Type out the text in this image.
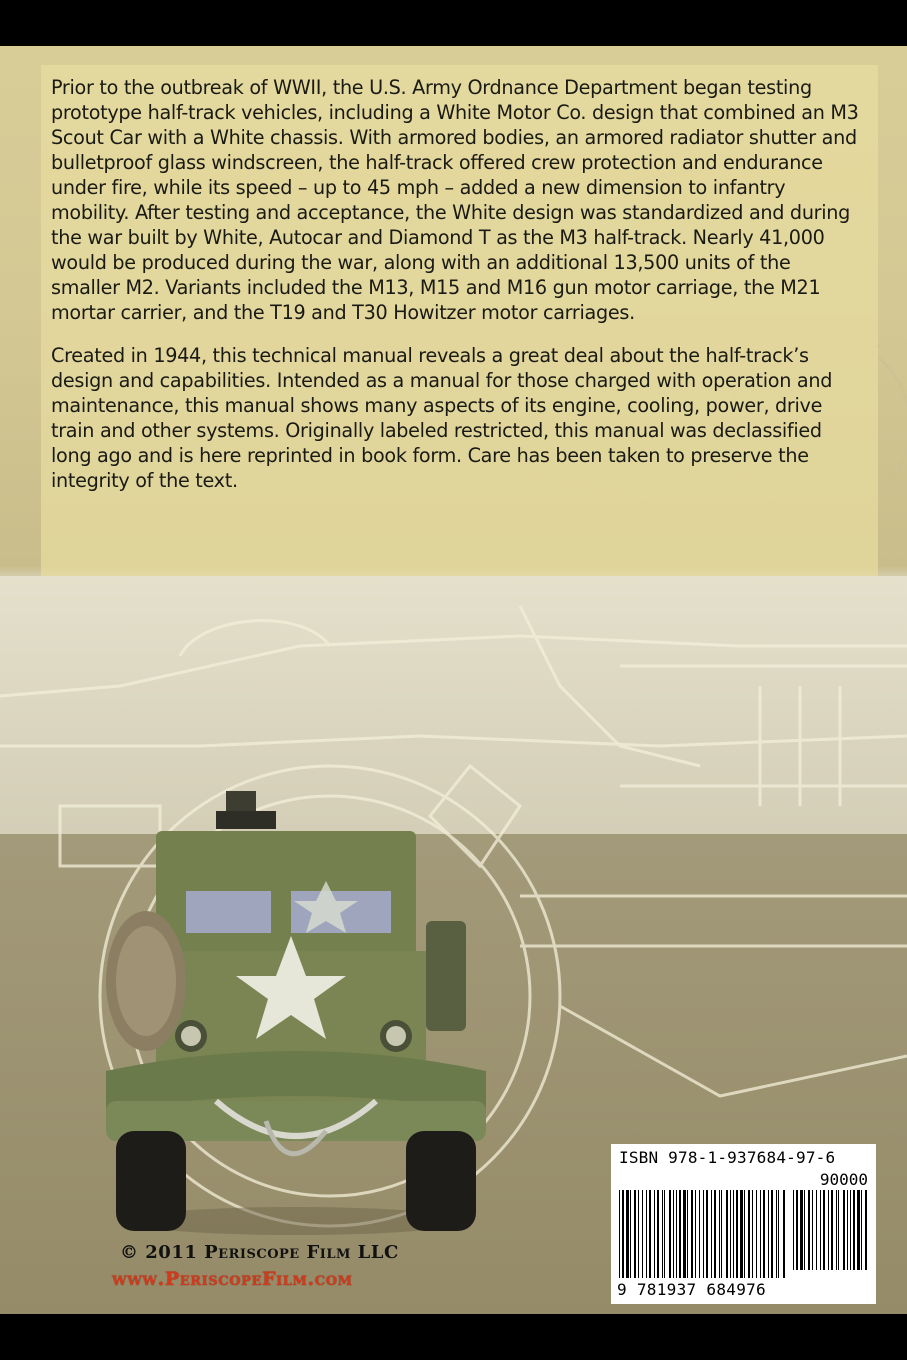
Prior to the outbreak of WWII, the U.S. Army Ordnance Department began testing prototype half-track vehicles, including a White Motor Co. design that combined an M3 Scout Car with a White chassis. With armored bodies, an armored radiator shutter and bulletproof glass windscreen, the half-track offered crew protection and endurance under fire, while its speed – up to 45 mph – added a new dimension to infantry mobility. After testing and acceptance, the White design was standardized and during the war built by White, Autocar and Diamond T as the M3 half-track. Nearly 41,000 would be produced during the war, along with an additional 13,500 units of the smaller M2. Variants included the M13, M15 and M16 gun motor carriage, the M21 mortar carrier, and the T19 and T30 Howitzer motor carriages.

Created in 1944, this technical manual reveals a great deal about the half-track’s design and capabilities. Intended as a manual for those charged with operation and maintenance, this manual shows many aspects of its engine, cooling, power, drive train and other systems. Originally labeled restricted, this manual was declassified long ago and is here reprinted in book form. Care has been taken to preserve the integrity of the text.

© 2011 Periscope Film LLC
www.PeriscopeFilm.com
ISBN 978-1-937684-97-6
90000
9 781937 684976
